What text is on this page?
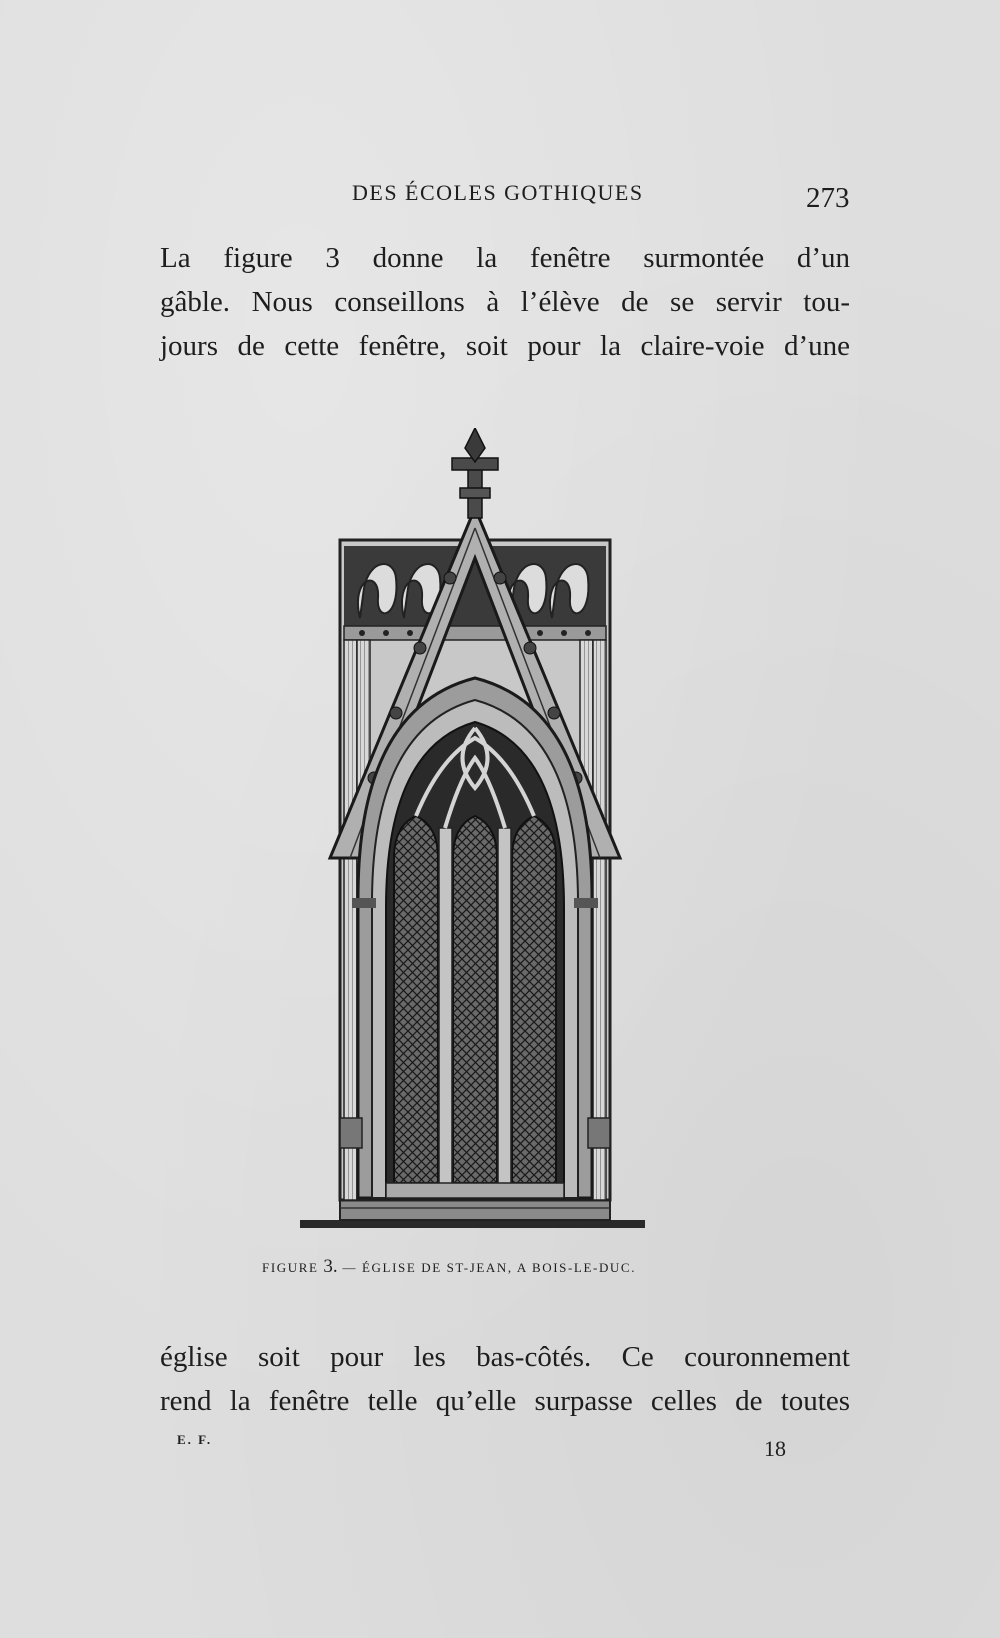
DES ÉCOLES GOTHIQUES	273
La figure 3 donne la fenêtre surmontée d’un
gâble. Nous conseillons à l’élève de se servir tou-
jours de cette fenêtre, soit pour la claire-voie d’une
FIGURE 3. — ÉGLISE DE ST-JEAN, A BOIS-LE-DUC.
église soit pour les bas-côtés. Ce couronnement
rend la fenêtre telle qu’elle surpasse celles de toutes
E. F.	18
